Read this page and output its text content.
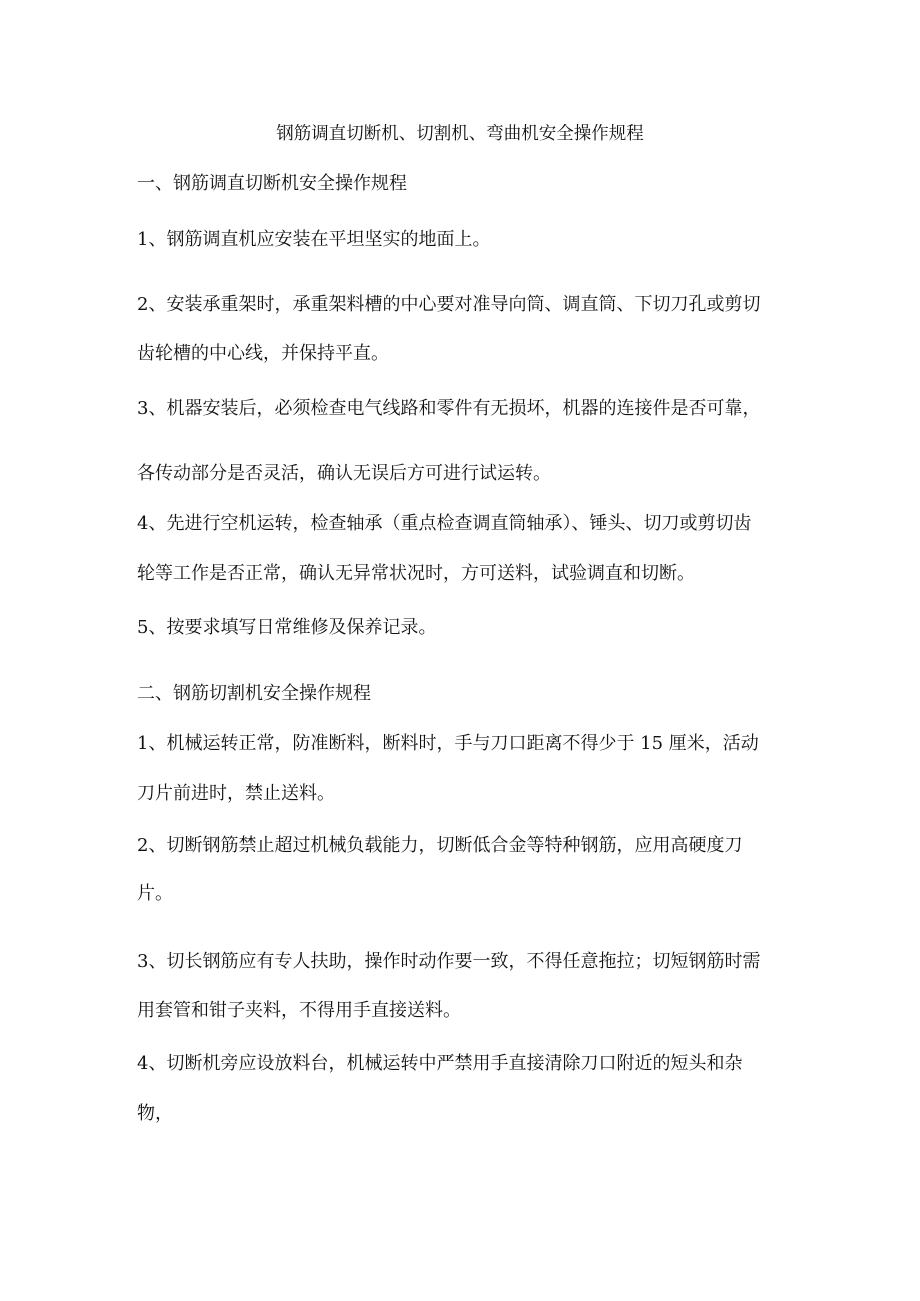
钢筋调直切断机、切割机、弯曲机安全操作规程

一、钢筋调直切断机安全操作规程

1、钢筋调直机应安装在平坦坚实的地面上。

2、安装承重架时，承重架料槽的中心要对准导向筒、调直筒、下切刀孔或剪切

齿轮槽的中心线，并保持平直。

3、机器安装后，必须检查电气线路和零件有无损坏，机器的连接件是否可靠，

各传动部分是否灵活，确认无误后方可进行试运转。

4、先进行空机运转，检查轴承（重点检查调直筒轴承）、锤头、切刀或剪切齿

轮等工作是否正常，确认无异常状况时，方可送料，试验调直和切断。

5、按要求填写日常维修及保养记录。

二、钢筋切割机安全操作规程

1、机械运转正常，防准断料，断料时，手与刀口距离不得少于 15 厘米，活动

刀片前进时，禁止送料。

2、切断钢筋禁止超过机械负载能力，切断低合金等特种钢筋，应用高硬度刀

片。

3、切长钢筋应有专人扶助，操作时动作要一致，不得任意拖拉；切短钢筋时需

用套管和钳子夹料，不得用手直接送料。

4、切断机旁应设放料台，机械运转中严禁用手直接清除刀口附近的短头和杂

物，
